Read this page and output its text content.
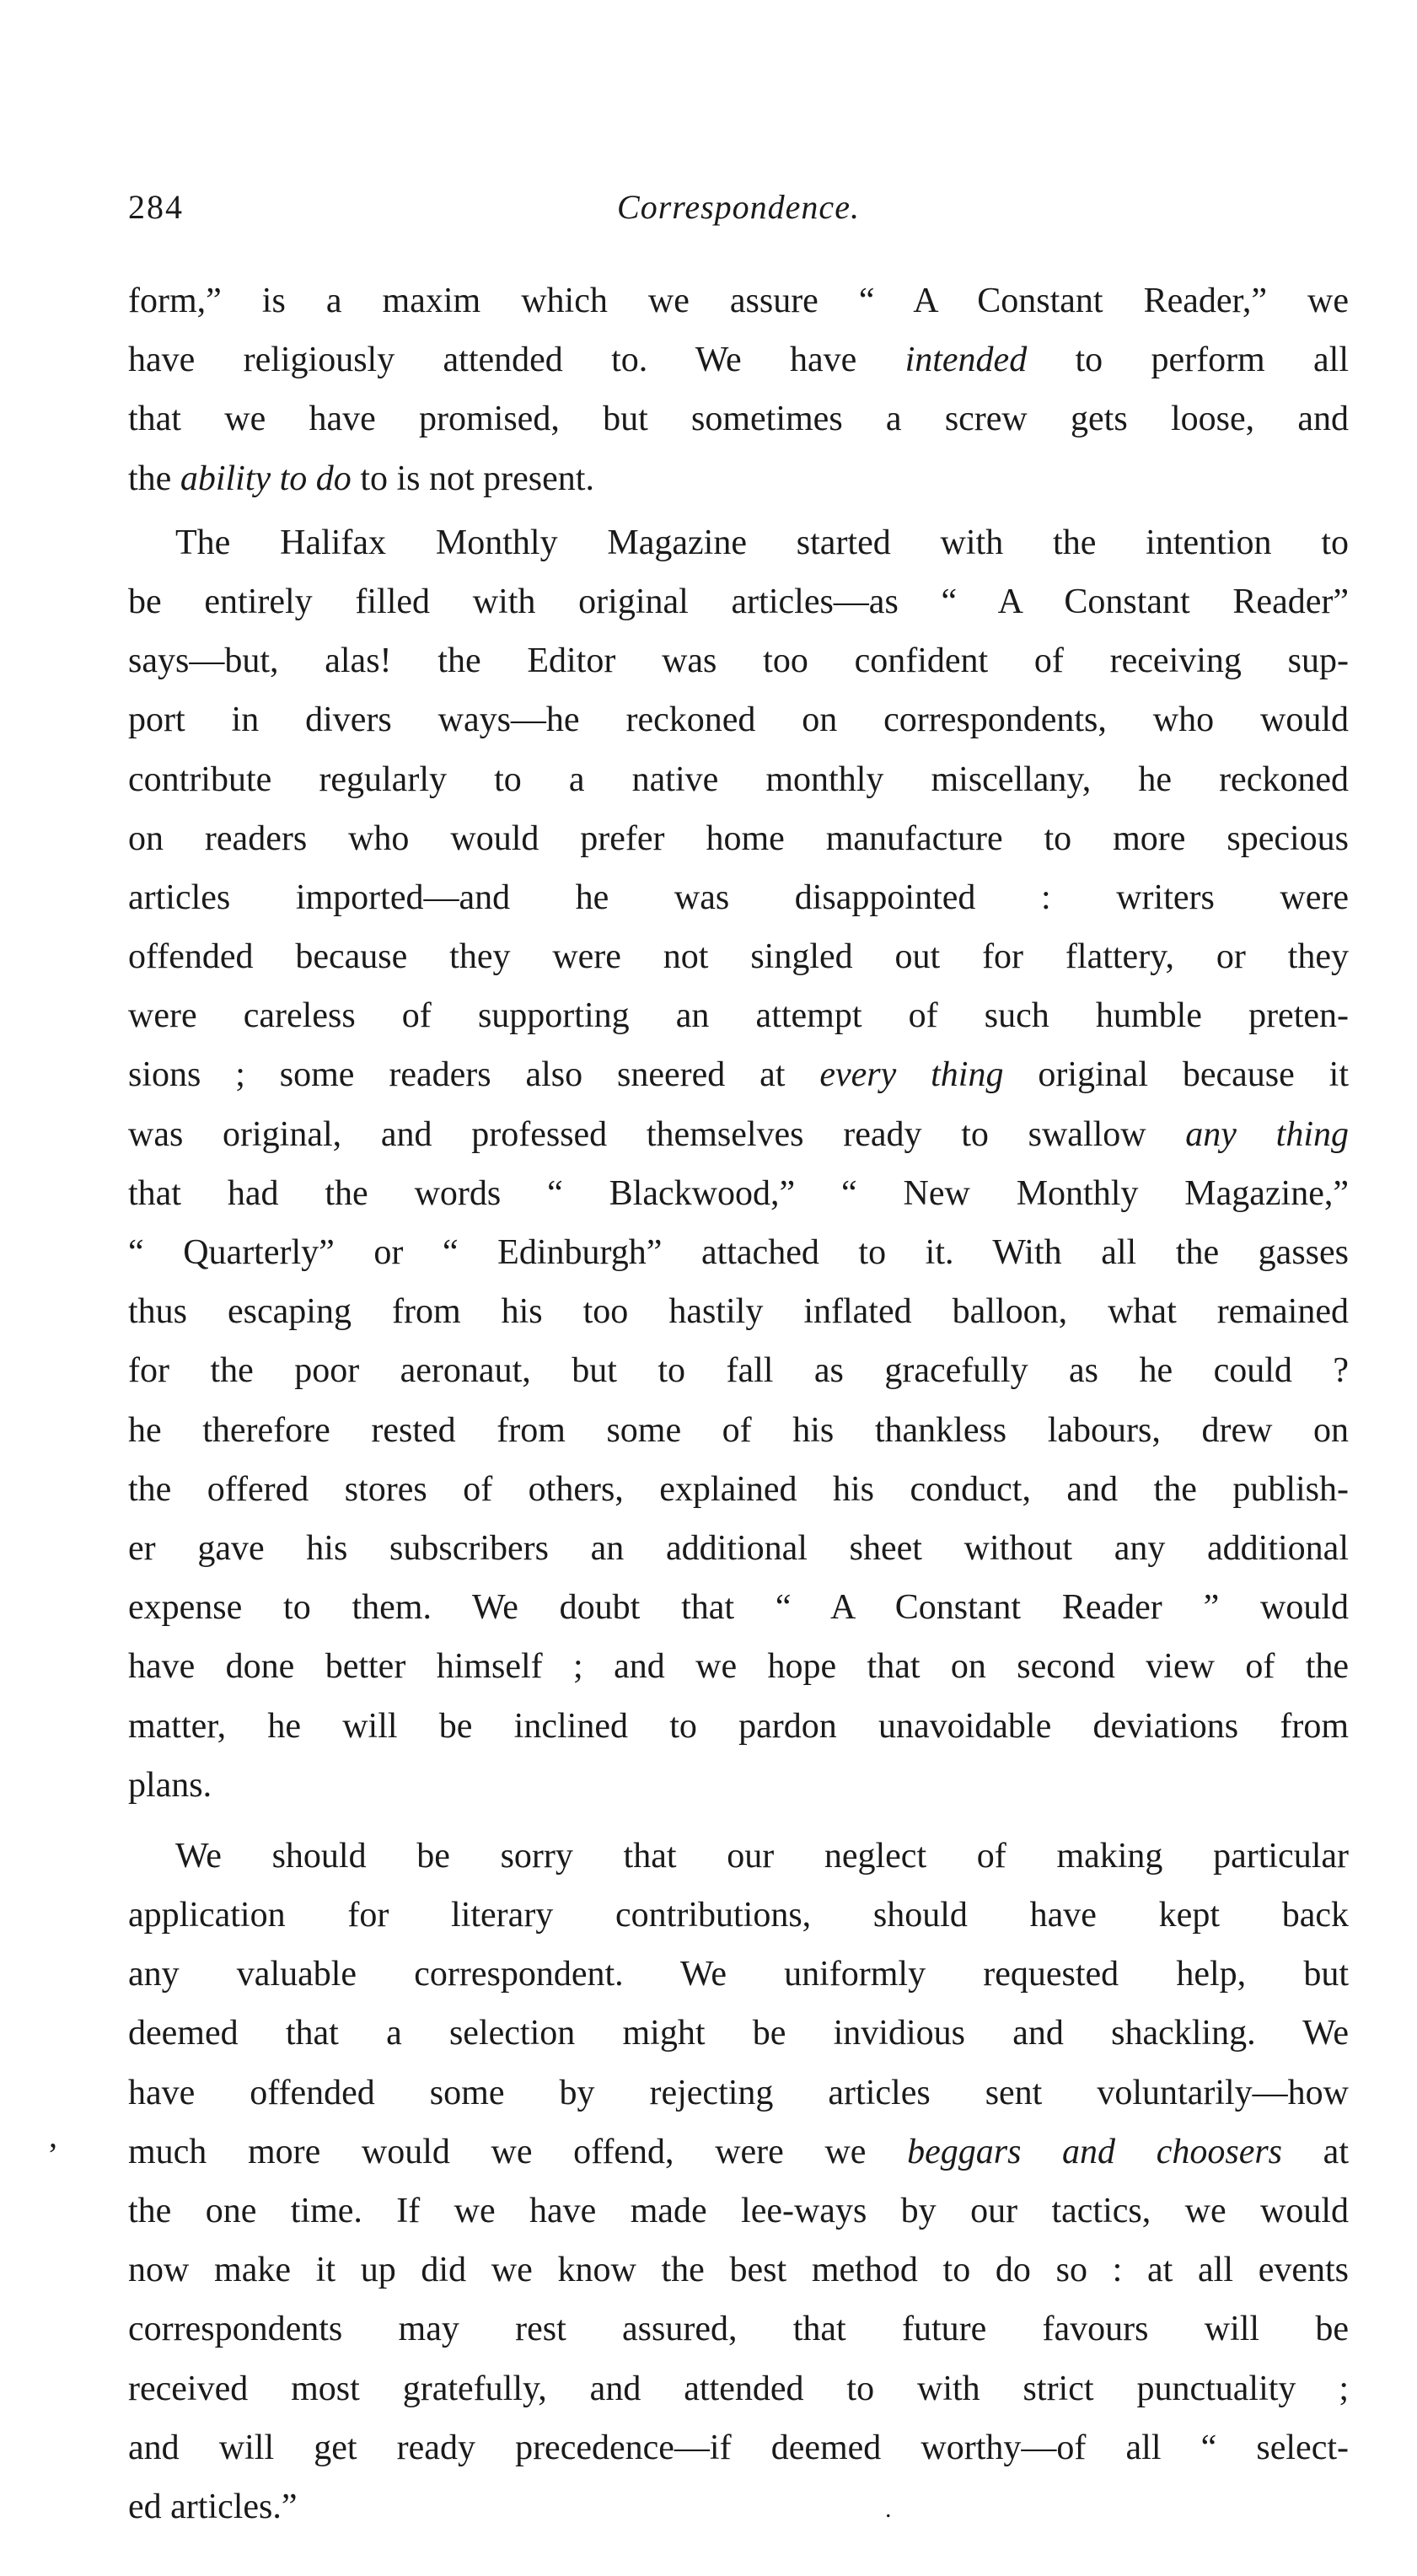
284	Correspondence.
form,” is a maxim which we assure “ A Constant Reader,” we
have religiously attended to. We have intended to perform all
that we have promised, but sometimes a screw gets loose, and
the ability to do to is not present.
The Halifax Monthly Magazine started with the intention to
be entirely filled with original articles—as “ A Constant Reader”
says—but, alas! the Editor was too confident of receiving sup-
port in divers ways—he reckoned on correspondents, who would
contribute regularly to a native monthly miscellany, he reckoned
on readers who would prefer home manufacture to more specious
articles imported—and he was disappointed : writers were
offended because they were not singled out for flattery, or they
were careless of supporting an attempt of such humble preten-
sions ; some readers also sneered at every thing original because it
was original, and professed themselves ready to swallow any thing
that had the words “ Blackwood,” “ New Monthly Magazine,”
“ Quarterly” or “ Edinburgh” attached to it. With all the gasses
thus escaping from his too hastily inflated balloon, what remained
for the poor aeronaut, but to fall as gracefully as he could ?
he therefore rested from some of his thankless labours, drew on
the offered stores of others, explained his conduct, and the publish-
er gave his subscribers an additional sheet without any additional
expense to them. We doubt that “ A Constant Reader ” would
have done better himself ; and we hope that on second view of the
matter, he will be inclined to pardon unavoidable deviations from
plans.
We should be sorry that our neglect of making particular
application for literary contributions, should have kept back
any valuable correspondent. We uniformly requested help, but
deemed that a selection might be invidious and shackling. We
have offended some by rejecting articles sent voluntarily—how
much more would we offend, were we beggars and choosers at
the one time. If we have made lee-ways by our tactics, we would
now make it up did we know the best method to do so : at all events
correspondents may rest assured, that future favours will be
received most gratefully, and attended to with strict punctuality ;
and will get ready precedence—if deemed worthy—of all “ select-
ed articles.”
,
.
